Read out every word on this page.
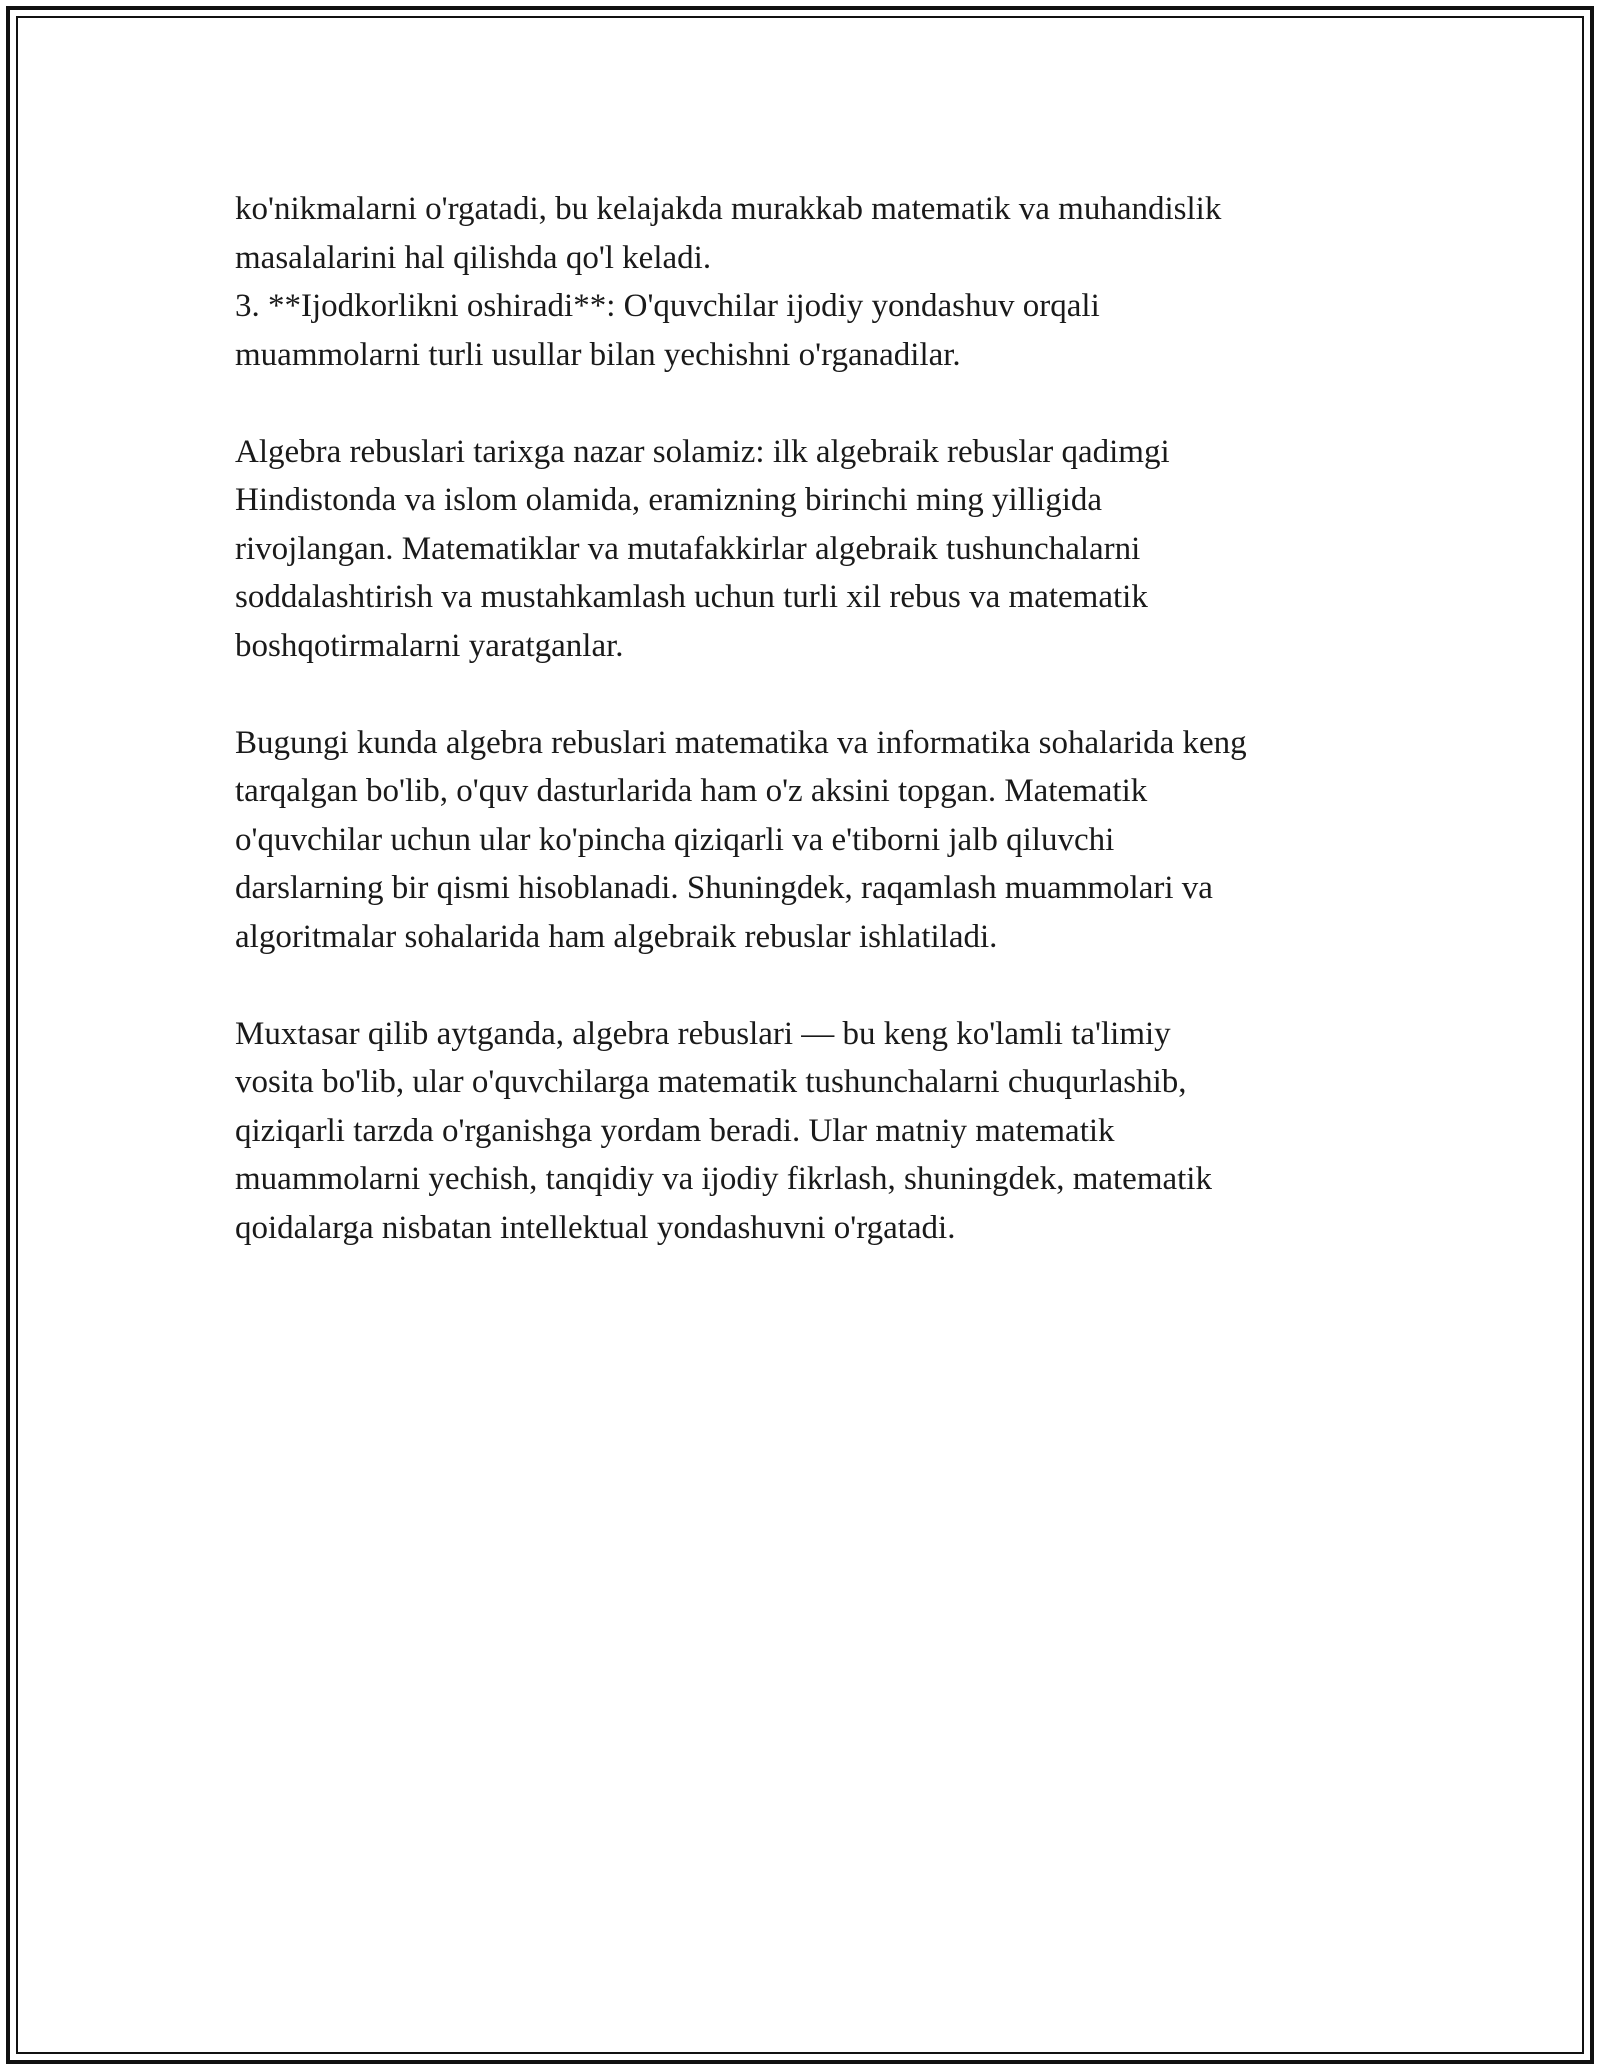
ko'nikmalarni o'rgatadi, bu kelajakda murakkab matematik va muhandislik
masalalarini hal qilishda qo'l keladi.
3. **Ijodkorlikni oshiradi**: O'quvchilar ijodiy yondashuv orqali
muammolarni turli usullar bilan yechishni o'rganadilar.

Algebra rebuslari tarixga nazar solamiz: ilk algebraik rebuslar qadimgi
Hindistonda va islom olamida, eramizning birinchi ming yilligida
rivojlangan. Matematiklar va mutafakkirlar algebraik tushunchalarni
soddalashtirish va mustahkamlash uchun turli xil rebus va matematik
boshqotirmalarni yaratganlar.

Bugungi kunda algebra rebuslari matematika va informatika sohalarida keng
tarqalgan bo'lib, o'quv dasturlarida ham o'z aksini topgan. Matematik
o'quvchilar uchun ular ko'pincha qiziqarli va e'tiborni jalb qiluvchi
darslarning bir qismi hisoblanadi. Shuningdek, raqamlash muammolari va
algoritmalar sohalarida ham algebraik rebuslar ishlatiladi.

Muxtasar qilib aytganda, algebra rebuslari — bu keng ko'lamli ta'limiy
vosita bo'lib, ular o'quvchilarga matematik tushunchalarni chuqurlashib,
qiziqarli tarzda o'rganishga yordam beradi. Ular matniy matematik
muammolarni yechish, tanqidiy va ijodiy fikrlash, shuningdek, matematik
qoidalarga nisbatan intellektual yondashuvni o'rgatadi.
